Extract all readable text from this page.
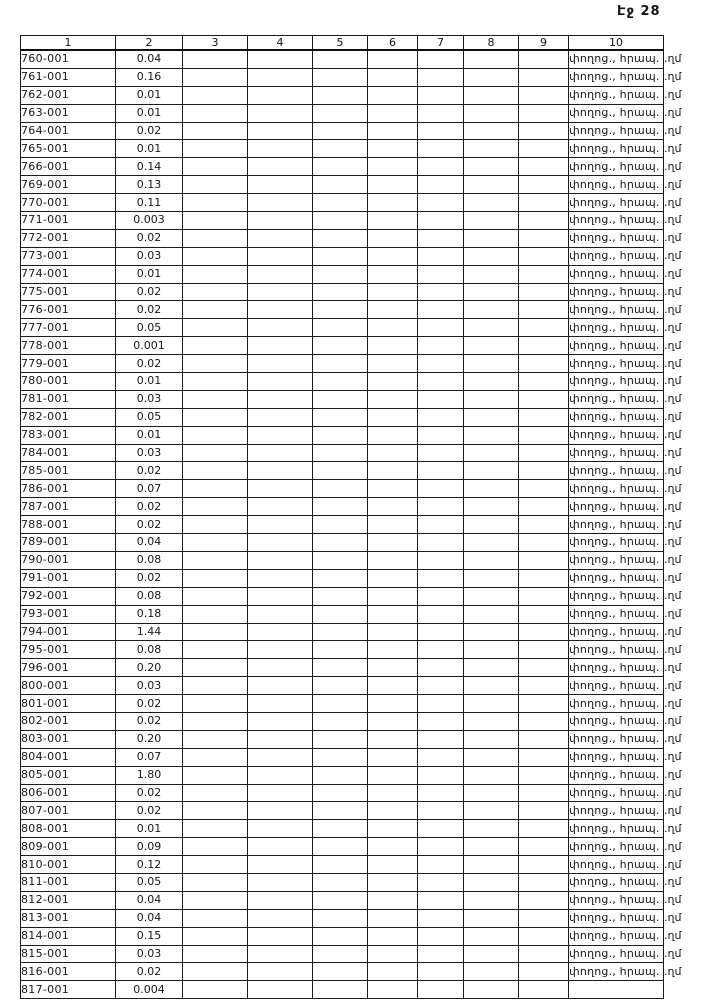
Էջ 28
1	2	3	4	5	6	7	8	9	10	
760-001	0.04								փողոց., հրապ.	.ղմ
761-001	0.16								փողոց., հրապ.	.ղմ
762-001	0.01								փողոց., հրապ.	.ղմ
763-001	0.01								փողոց., հրապ.	.ղմ
764-001	0.02								փողոց., հրապ.	.ղմ
765-001	0.01								փողոց., հրապ.	.ղմ
766-001	0.14								փողոց., հրապ.	.ղմ
769-001	0.13								փողոց., հրապ.	.ղմ
770-001	0.11								փողոց., հրապ.	.ղմ
771-001	0.003								փողոց., հրապ.	.ղմ
772-001	0.02								փողոց., հրապ.	.ղմ
773-001	0.03								փողոց., հրապ.	.ղմ
774-001	0.01								փողոց., հրապ.	.ղմ
775-001	0.02								փողոց., հրապ.	.ղմ
776-001	0.02								փողոց., հրապ.	.ղմ
777-001	0.05								փողոց., հրապ.	.ղմ
778-001	0.001								փողոց., հրապ.	.ղմ
779-001	0.02								փողոց., հրապ.	.ղմ
780-001	0.01								փողոց., հրապ.	.ղմ
781-001	0.03								փողոց., հրապ.	.ղմ
782-001	0.05								փողոց., հրապ.	.ղմ
783-001	0.01								փողոց., հրապ.	.ղմ
784-001	0.03								փողոց., հրապ.	.ղմ
785-001	0.02								փողոց., հրապ.	.ղմ
786-001	0.07								փողոց., հրապ.	.ղմ
787-001	0.02								փողոց., հրապ.	.ղմ
788-001	0.02								փողոց., հրապ.	.ղմ
789-001	0.04								փողոց., հրապ.	.ղմ
790-001	0.08								փողոց., հրապ.	.ղմ
791-001	0.02								փողոց., հրապ.	.ղմ
792-001	0.08								փողոց., հրապ.	.ղմ
793-001	0.18								փողոց., հրապ.	.ղմ
794-001	1.44								փողոց., հրապ.	.ղմ
795-001	0.08								փողոց., հրապ.	.ղմ
796-001	0.20								փողոց., հրապ.	.ղմ
800-001	0.03								փողոց., հրապ.	.ղմ
801-001	0.02								փողոց., հրապ.	.ղմ
802-001	0.02								փողոց., հրապ.	.ղմ
803-001	0.20								փողոց., հրապ.	.ղմ
804-001	0.07								փողոց., հրապ.	.ղմ
805-001	1.80								փողոց., հրապ.	.ղմ
806-001	0.02								փողոց., հրապ.	.ղմ
807-001	0.02								փողոց., հրապ.	.ղմ
808-001	0.01								փողոց., հրապ.	.ղմ
809-001	0.09								փողոց., հրապ.	.ղմ
810-001	0.12								փողոց., հրապ.	.ղմ
811-001	0.05								փողոց., հրապ.	.ղմ
812-001	0.04								փողոց., հրապ.	.ղմ
813-001	0.04								փողոց., հրապ.	.ղմ
814-001	0.15								փողոց., հրապ.	.ղմ
815-001	0.03								փողոց., հրապ.	.ղմ
816-001	0.02								փողոց., հրապ.	.ղմ
817-001	0.004									
